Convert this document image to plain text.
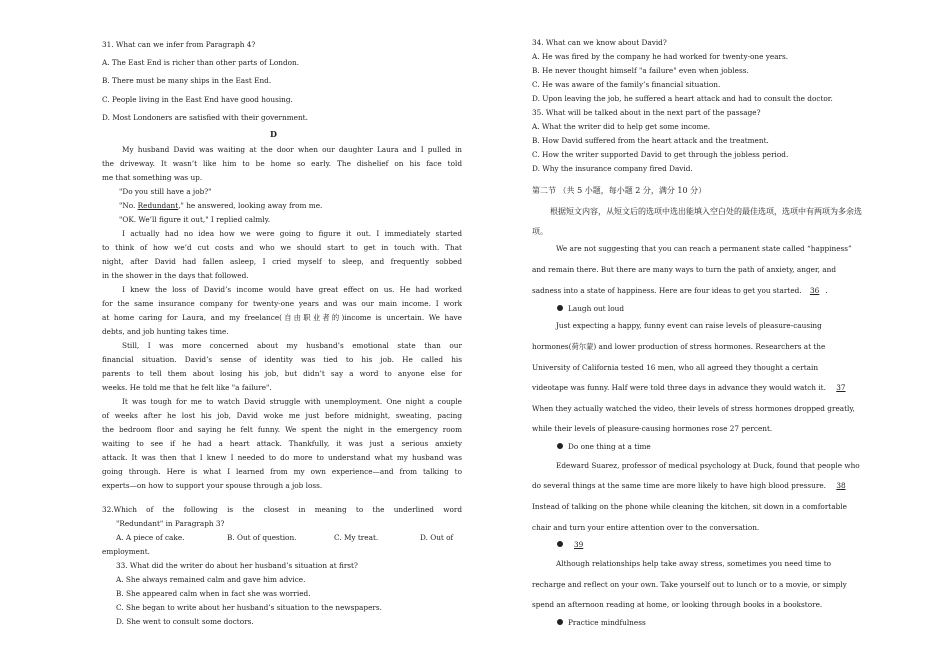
31. What can we infer from Paragraph 4?
A. The East End is richer than other parts of London.
B. There must be many ships in the East End.
C. People living in the East End have good housing.
D. Most Londoners are satisfied with their government.
D
My husband David was waiting at the door when our daughter Laura and I pulled in
the driveway. It wasn’t like him to be home so early. The dishelief on his face told
me that something was up.
"Do you still have a job?"
"No. Redundant," he answered, looking away from me.
"OK. We’ll figure it out," I replied calmly.
I actually had no idea how we were going to figure it out. I immediately started
to think of how we’d cut costs and who we should start to get in touch with. That
night, after David had fallen asleep, I cried myself to sleep, and frequently sobbed
in the shower in the days that followed.
I knew the loss of David’s income would have great effect on us. He had worked
for the same insurance company for twenty-one years and was our main income. I work
at home caring for Laura, and my freelance(自由职业者的)income is uncertain. We have
debts, and job hunting takes time.
Still, I was more concerned about my husband’s emotional state than our
financial situation. David’s sense of identity was tied to his job. He called his
parents to tell them about losing his job, but didn’t say a word to anyone else for
weeks. He told me that he felt like "a failure".
It was tough for me to watch David struggle with unemployment. One night a couple
of weeks after he lost his job, David woke me just before midnight, sweating, pacing
the bedroom floor and saying he felt funny. We spent the night in the emergency room
waiting to see if he had a heart attack. Thankfully, it was just a serious anxiety
attack. It was then that I knew I needed to do more to understand what my husband was
going through. Here is what I learned from my own experience—and from talking to
experts—on how to support your spouse through a job loss.
32.Which of the following is the closest in meaning to the underlined word
"Redundant" in Paragraph 3?
A. A piece of cake.	B. Out of question.	C. My treat.	D. Out of
employment.
33. What did the writer do about her husband’s situation at first?
A. She always remained calm and gave him advice.
B. She appeared calm when in fact she was worried.
C. She began to write about her husband’s situation to the newspapers.
D. She went to consult some doctors.
34. What can we know about David?
A. He was fired by the company he had worked for twenty-one years.
B. He never thought himself "a failure" even when jobless.
C. He was aware of the family’s financial situation.
D. Upon leaving the job, he suffered a heart attack and had to consult the doctor.
35. What will be talked about in the next part of the passage?
A. What the writer did to help get some income.
B. How David suffered from the heart attack and the treatment.
C. How the writer supported David to get through the jobless period.
D. Why the insurance company fired David.
第二节 （共 5 小题，每小题 2 分，满分 10 分）
根据短文内容，从短文后的选项中选出能填入空白处的最佳选项，选项中有两项为多余选
项。
We are not suggesting that you can reach a permanent state called “happiness”
and remain there. But there are many ways to turn the path of anxiety, anger, and
sadness into a state of happiness. Here are four ideas to get you started. 36 .
Laugh out loud
Just expecting a happy, funny event can raise levels of pleasure-causing
hormones(荷尔蒙) and lower production of stress hormones. Researchers at the
University of California tested 16 men, who all agreed they thought a certain
videotape was funny. Half were told three days in advance they would watch it. 37
When they actually watched the video, their levels of stress hormones dropped greatly,
while their levels of pleasure-causing hormones rose 27 percent.
Do one thing at a time
Edeward Suarez, professor of medical psychology at Duck, found that people who
do several things at the same time are more likely to have high blood pressure. 38
Instead of talking on the phone while cleaning the kitchen, sit down in a comfortable
chair and turn your entire attention over to the conversation.
39
Although relationships help take away stress, sometimes you need time to
recharge and reflect on your own. Take yourself out to lunch or to a movie, or simply
spend an afternoon reading at home, or looking through books in a bookstore.
Practice mindfulness
